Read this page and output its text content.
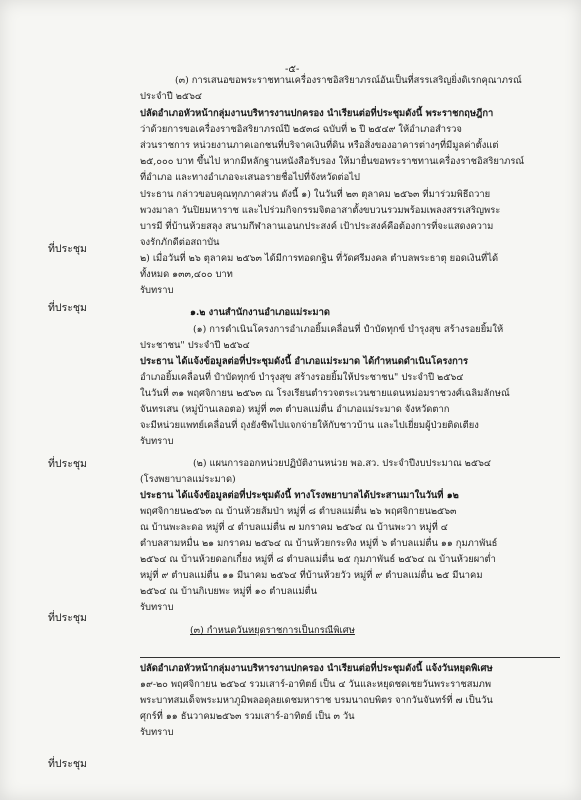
-๕-
ที่ประชุม
ที่ประชุม
ที่ประชุม
ที่ประชุม
ที่ประชุม
(๓) การเสนอขอพระราชทานเครื่องราชอิสริยาภรณ์อันเป็นที่สรรเสริญยิ่งดิเรกคุณาภรณ์
ประจำปี ๒๕๖๔
ปลัดอำเภอหัวหน้ากลุ่มงานบริหารงานปกครอง นำเรียนต่อที่ประชุมดังนี้ พระราชกฤษฎีกา
ว่าด้วยการขอเครื่องราชอิสริยาภรณ์ปี ๒๕๓๘ ฉบับที่ ๒ ปี ๒๕๔๙ ให้อำเภอสำรวจ
ส่วนราชการ หน่วยงานภาคเอกชนที่บริจาคเงินที่ดิน หรือสิ่งของอาคารต่างๆที่มีมูลค่าตั้งแต่
๒๕,๐๐๐ บาท ขึ้นไป หากมีหลักฐานหนังสือรับรอง ให้มายื่นขอพระราชทานเครื่องราชอิสริยาภรณ์
ที่อำเภอ และทางอำเภอจะเสนอรายชื่อไปที่จังหวัดต่อไป
ประธาน กล่าวขอบคุณทุกภาคส่วน ดังนี้ ๑) ในวันที่ ๒๓ ตุลาคม ๒๕๖๓ ที่มาร่วมพิธีถวาย
พวงมาลา วันปิยมหาราช และไปร่วมกิจกรรมจิตอาสาตั้งขบวนรวมพร้อมเพลงสรรเสริญพระ
บารมี ที่บ้านห้วยสลุง สนามกีฬาลานเอนกประสงค์ เป้าประสงค์คือต้องการที่จะแสดงความ
จงรักภักดีต่อสถาบัน
๒) เมื่อวันที่ ๒๖ ตุลาคม ๒๕๖๓ ได้มีการทอดกฐิน ที่วัดศรีมงคล ตำบลพระธาตุ ยอดเงินที่ได้
ทั้งหมด ๑๓๓,๔๐๐ บาท
รับทราบ
๑.๒ งานสำนักงานอำเภอแม่ระมาด
(๑) การดำเนินโครงการอำเภอยิ้มเคลื่อนที่ ปำบัดทุกข์ บำรุงสุข สร้างรอยยิ้มให้
ประชาชน" ประจำปี ๒๕๖๔
ประธาน ได้แจ้งข้อมูลต่อที่ประชุมดังนี้ อำเภอแม่ระมาด ได้กำหนดดำเนินโครงการ
อำเภอยิ้มเคลื่อนที่ ปำบัดทุกข์ บำรุงสุข สร้างรอยยิ้มให้ประชาชน" ประจำปี ๒๕๖๔
ในวันที่ ๓๑ พฤศจิกายน ๒๕๖๓ ณ โรงเรียนตำรวจตระเวนชายแดนหม่อมราชวงศ์เฉลิมลักษณ์
จันทรเสน (หมู่บ้านเลอตอ) หมู่ที่ ๓๓ ตำบลแม่ตื่น อำเภอแม่ระมาด จังหวัดตาก
จะมีหน่วยแพทย์เคลื่อนที่ ถุงยังชีพไปแจกจ่ายให้กับชาวบ้าน และไปเยี่ยมผู้ป่วยติดเตียง
รับทราบ
(๒) แผนการออกหน่วยปฏิบัติงานหน่วย พอ.สว. ประจำปีงบประมาณ ๒๕๖๔
(โรงพยาบาลแม่ระมาด)
ประธาน ได้แจ้งข้อมูลต่อที่ประชุมดังนี้ ทางโรงพยาบาลได้ประสานมาในวันที่ ๑๒
พฤศจิกายน๒๕๖๓ ณ บ้านห้วยส้มป่า หมู่ที่ ๘ ตำบลแม่ตื่น ๒๖ พฤศจิกายน๒๕๖๓
ณ บ้านพะละดอ หมู่ที่ ๔ ตำบลแม่ตื่น ๗ มกราคม ๒๕๖๔ ณ บ้านพะวา หมู่ที่ ๔
ตำบลสามหมื่น ๒๑ มกราคม ๒๕๖๔ ณ บ้านห้วยกระทิง หมู่ที่ ๖ ตำบลแม่ตื่น ๑๑ กุมภาพันธ์
๒๕๖๔ ณ บ้านห้วยดอกเกี๋ยง หมู่ที่ ๘ ตำบลแม่ตื่น ๒๕ กุมภาพันธ์ ๒๕๖๔ ณ บ้านห้วยผาต่ำ
หมู่ที่ ๙ ตำบลแม่ตื่น ๑๑ มีนาคม ๒๕๖๔ ที่บ้านห้วยวัว หมู่ที่ ๙ ตำบลแม่ตื่น ๒๕ มีนาคม
๒๕๖๔ ณ บ้านกิเบยพะ หมู่ที่ ๑๐ ตำบลแม่ตื่น
รับทราบ
(๓) กำหนดวันหยุดราชการเป็นกรณีพิเศษ
ปลัดอำเภอหัวหน้ากลุ่มงานบริหารงานปกครอง นำเรียนต่อที่ประชุมดังนี้ แจ้งวันหยุดพิเศษ
๑๙-๒๐ พฤศจิกายน ๒๕๖๔ รวมเสาร์-อาทิตย์ เป็น ๔ วันและหยุดชดเชยวันพระราชสมภพ
พระบาทสมเด็จพระมหาภูมิพลอดุลยเดชมหาราช บรมนาถบพิตร จากวันจันทร์ที่ ๗ เป็นวัน
ศุกร์ที่ ๑๑ ธันวาคม๒๕๖๓ รวมเสาร์-อาทิตย์ เป็น ๓ วัน
รับทราบ
